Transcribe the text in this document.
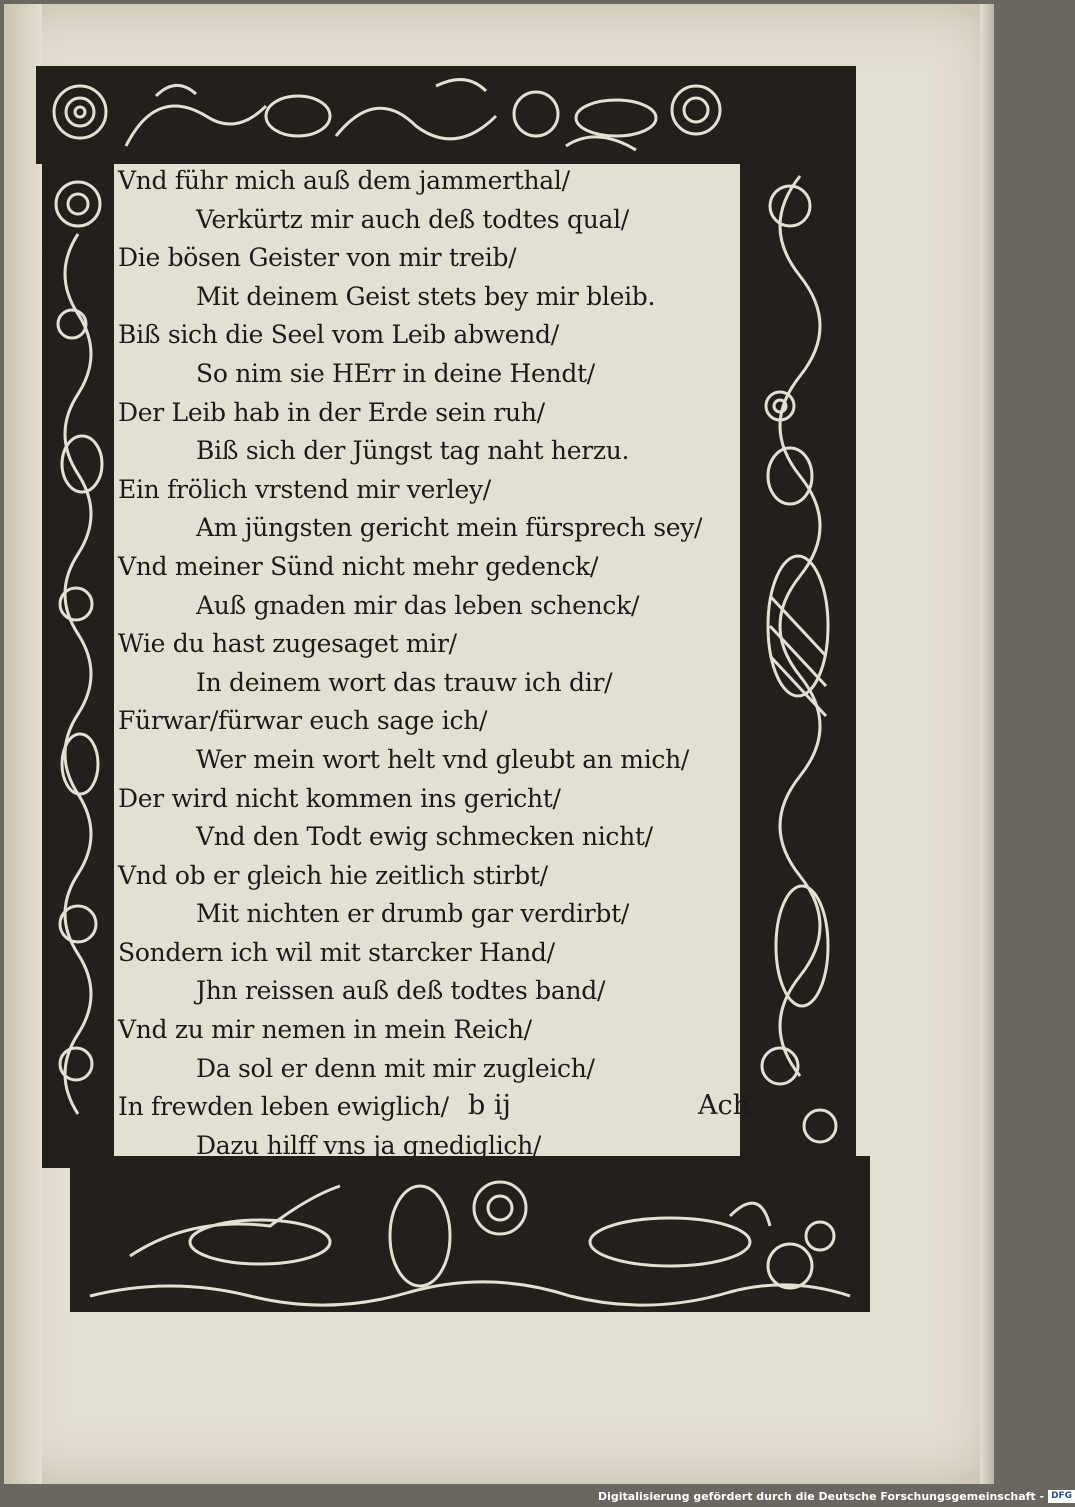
Vnd führ mich auß dem jammerthal/
Verkürtz mir auch deß todtes qual/
Die bösen Geister von mir treib/
Mit deinem Geist stets bey mir bleib.
Biß sich die Seel vom Leib abwend/
So nim sie HErr in deine Hendt/
Der Leib hab in der Erde sein ruh/
Biß sich der Jüngst tag naht herzu.
Ein frölich vrstend mir verley/
Am jüngsten gericht mein fürsprech sey/
Vnd meiner Sünd nicht mehr gedenck/
Auß gnaden mir das leben schenck/
Wie du hast zugesaget mir/
In deinem wort das trauw ich dir/
Fürwar/fürwar euch sage ich/
Wer mein wort helt vnd gleubt an mich/
Der wird nicht kommen ins gericht/
Vnd den Todt ewig schmecken nicht/
Vnd ob er gleich hie zeitlich stirbt/
Mit nichten er drumb gar verdirbt/
Sondern ich wil mit starcker Hand/
Jhn reissen auß deß todtes band/
Vnd zu mir nemen in mein Reich/
Da sol er denn mit mir zugleich/
In frewden leben ewiglich/
Dazu hilff vns ja gnediglich/
b ij	Ach
Digitalisierung gefördert durch die Deutsche Forschungsgemeinschaft - DFG
